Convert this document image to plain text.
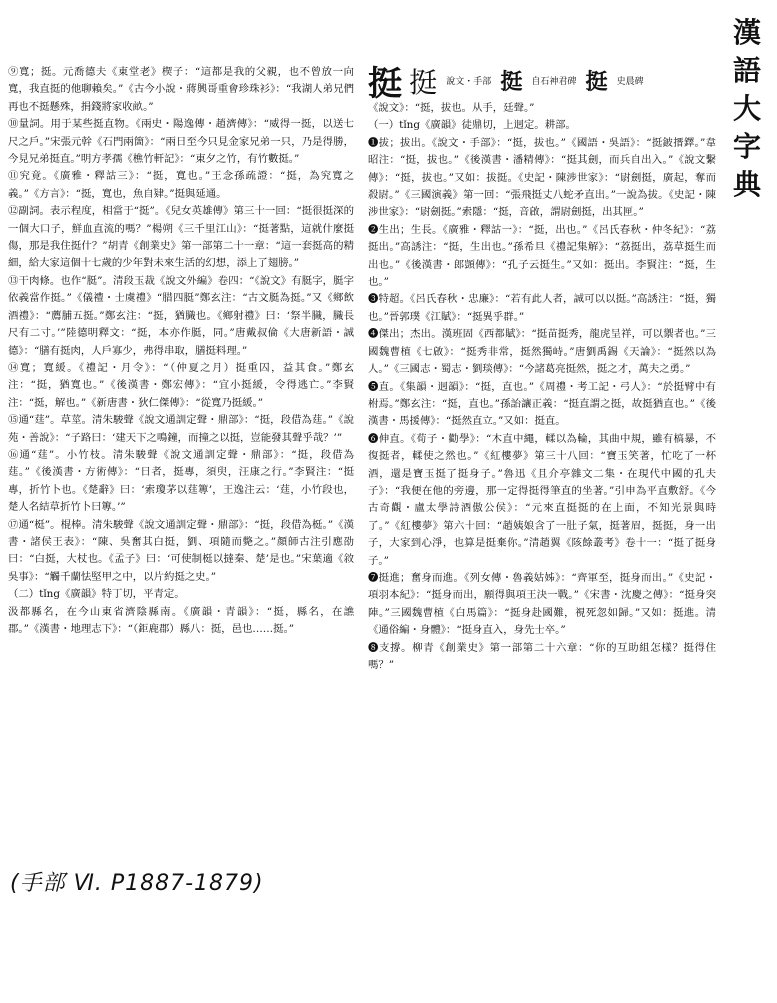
漢
語
大
字
典
挺 挺 說文・手部 挺 自石神君碑 挺 史晨碑

⑨寬；挺。元喬德夫《東堂老》楔子：“這都是我的父親，也不曾放一向寬，我直挺的他聊賴矣。”《古今小說・蔣興哥重會珍珠衫》：“我湖人弟兄們再也不挺懸殊，捐錢將家收畝。”

⑩量詞。用于某些挺直物。《兩史・陽逸傳・趙濟傳》：“威得一挺，以送七尺之戶。”宋張元幹《石門兩箇》：“兩日至今只見金家兄弟一只，乃是得勝，今見兄弟挺直。”明方孝孺《樵竹軒記》：“東夕之竹，有竹數挺。”

⑪究竟。《廣雅・釋詁三》：“挺，寬也。”王念孫疏證：“挺，為究寬之義。”《方言》：“挺，寬也，魚自肄。”挺與延通。

⑫副詞。表示程度，相當于“挺”。《兒女英雄傳》第三十一回：“挺很挺深的一個大口子，鮮血直流的嗎？”楊朔《三千里江山》：“挺著點，這就什麼挺傷，那是我住挺什？”胡青《創業史》第一部第二十一章：“這一套挺高的精細，給大家這個十七歲的少年對未來生活的幻想，添上了翅膀。”

⑬干肉條。也作“脡”。清段玉裁《說文外編》卷四：“《說文》有脡字，脡字依義當作挺。”《儀禮・士虞禮》“腊四脡”鄭玄注：“古文脡為挺。”又《鄉飲酒禮》：“薦脯五挺。”鄭玄注：“挺，猶膱也。《鄉射禮》曰：‘祭半膱，膱長尺有二寸。’”陸德明釋文：“挺，本亦作脡，同。”唐戴叔倫《大唐新語・誠德》：“膳有挺肉，人戶寡少，弗得串取，膳挺料理。”

⑭寬；寬緩。《禮記・月令》：“（仲夏之月）挺重囚，益其食。”鄭玄注：“挺，猶寬也。”《後漢書・鄭宏傳》：“宜小挺緩，令得逃亡。”李賢注：“挺，解也。”《新唐書・狄仁傑傳》：“從寬乃挺緩。”

⑮通“莛”。草莖。清朱駿聲《說文通訓定聲・鼎部》：“挺，段借為莛。”《說苑・善說》：“子路曰：‘建天下之鳴鐘，而撞之以挺，豈能發其聲乎哉？’”

⑯通“莛”。小竹枝。清朱駿聲《說文通訓定聲・鼎部》：“挺，段借為莛。”《後漢書・方術傳》：“日者，挺專，須臾，汪康之行。”李賢注：“挺專，折竹卜也。《楚辭》曰：‘索瓊茅以莛篿’，王逸注云：‘莛，小竹段也，楚人名結草折竹卜曰篿。’”

⑰通“梃”。棍棒。清朱駿聲《說文通訓定聲・鼎部》：“挺，段借為梃。”《漢書・諸侯王表》：“陳、吳奮其白挺，劉、項隨而斃之。”顏師古注引應劭曰：“白挺，大杖也。《孟子》曰：‘可使制梃以撻秦、楚’是也。”宋葉適《敘吳事》：“觸千蘭怯堅甲之中，以片約挺之史。”

（二）tǐng《廣韻》特丁切，平青定。

汲都縣名，在今山東省濟陰縣南。《廣韻・青韻》：“挺，縣名，在譙郡。”《漢書・地理志下》：“（鉅鹿郡）縣八：挺，邑也……挺。”

(手部 Ⅵ. P1887-1879)

《說文》：“挺，拔也。从手，廷聲。”

（一）tǐng《廣韻》徒鼎切，上迥定。耕部。

❶拔；拔出。《說文・手部》：“挺，拔也。”《國語・吳語》：“挺鈹搢鐸。”韋昭注：“挺，拔也。”《後漢書・潘精傳》：“挺其劍，而兵自出入。”《說文繫傳》：“挺，拔也。”又如：拔挺。《史記・陳涉世家》：“尉劍挺，廣起，奪而殺尉。”《三國演義》第一回：“張飛挺丈八蛇矛直出。”一說為拔。《史記・陳涉世家》：“尉劍挺。”索隱：“挺，音啟，謂尉劍挺，出其匣。”

❷生出；生長。《廣雅・釋詁一》：“挺，出也。”《呂氏春秋・仲冬紀》：“荔挺出。”高誘注：“挺，生出也。”孫希旦《禮記集解》：“荔挺出，荔草挺生而出也。”《後漢書・郎顗傳》：“孔子云挺生。”又如：挺出。李賢注：“挺，生也。”

❸特超。《呂氏春秋・忠廉》：“若有此人者，誠可以以挺。”高誘注：“挺，獨也。”晉郭璞《江賦》：“挺異乎群。”

❹傑出；杰出。漢班固《西都賦》：“挺苗挺秀，龍虎呈祥，可以禦者也。”三國魏曹植《七啟》：“挺秀非常，挺然獨峙。”唐劉禹錫《天論》：“挺然以為人。”《三國志・蜀志・劉琰傳》：“今諸葛亮挺然，挺之才，萬夫之勇。”

❺直。《集韻・迥韻》：“挺，直也。”《周禮・考工記・弓人》：“於挺臂中有柎焉。”鄭玄注：“挺，直也。”孫詒讓正義：“挺直謂之挺，故挺猶直也。”《後漢書・馬援傳》：“挺然直立。”又如：挺直。

❻伸直。《荀子・勸學》：“木直中繩，輮以為輪，其曲中規，雖有槁暴，不復挺者，輮使之然也。”《紅樓夢》第三十八回：“寶玉笑著，忙吃了一杯酒，還是寶玉挺了挺身子。”魯迅《且介亭雜文二集・在現代中國的孔夫子》：“我便在他的旁邊，那一定得挺得筆直的坐著。”引申為平直敷舒。《今古奇觀・盧太學詩酒傲公侯》：“元來直挺挺的在上面，不知光景與時了。”《紅樓夢》第六十回：“趙姨娘含了一肚子氣，挺著眉，挺挺，身一出子，大家到心淨，也算是挺棄你。”清趙翼《陔餘叢考》卷十一：“挺了挺身子。”

❼挺進；奮身而進。《列女傳・魯義姑姊》：“齊軍至，挺身而出。”《史記・項羽本紀》：“挺身而出，願得與項王決一戰。”《宋書・沈慶之傳》：“挺身突陣。”三國魏曹植《白馬篇》：“挺身赴國難，視死忽如歸。”又如：挺進。清《通俗編・身體》：“挺身直入，身先士卒。”

❽支撐。柳青《創業史》第一部第二十六章：“你的互助組怎樣？挺得住嗎？”
